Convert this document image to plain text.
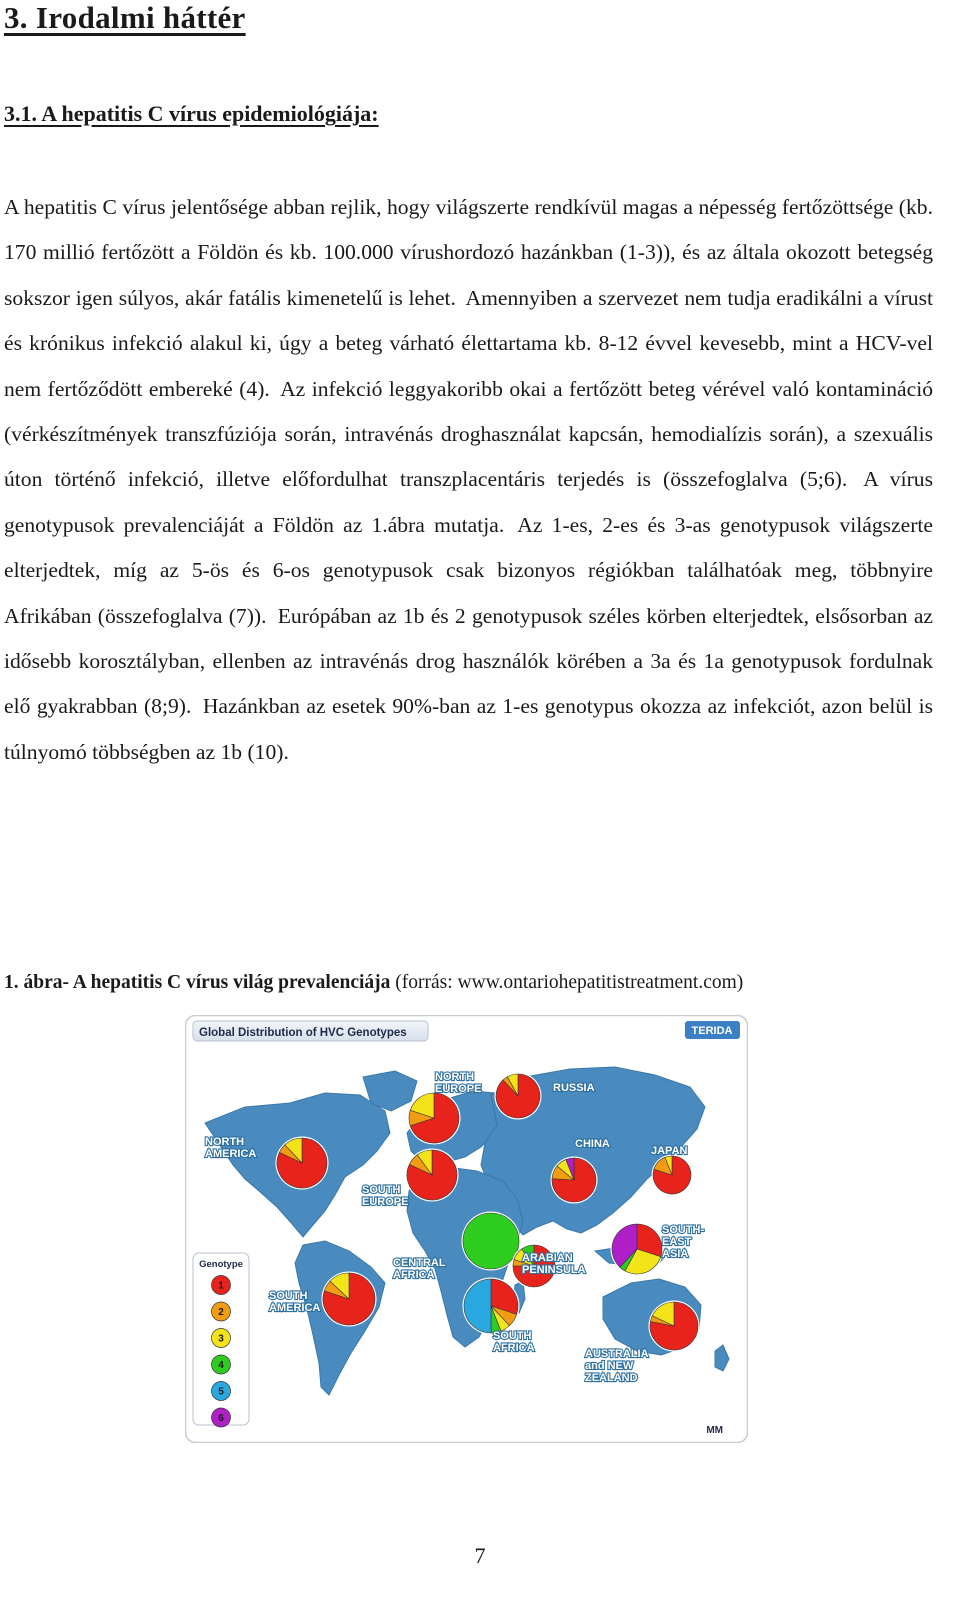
3. Irodalmi háttér
3.1. A hepatitis C vírus epidemiológiája:

A hepatitis C vírus jelentősége abban rejlik, hogy világszerte rendkívül magas a népesség fertőzöttsége (kb. 170 millió fertőzött a Földön és kb. 100.000 vírushordozó hazánkban (1-3)), és az általa okozott betegség sokszor igen súlyos, akár fatális kimenetelű is lehet. Amennyiben a szervezet nem tudja eradikálni a vírust és krónikus infekció alakul ki, úgy a beteg várható élettartama kb. 8-12 évvel kevesebb, mint a HCV-vel nem fertőződött embereké (4). Az infekció leggyakoribb okai a fertőzött beteg vérével való kontamináció (vérkészítmények transzfúziója során, intravénás droghasználat kapcsán, hemodialízis során), a szexuális úton történő infekció, illetve előfordulhat transzplacentáris terjedés is (összefoglalva (5;6). A vírus genotypusok prevalenciáját a Földön az 1.ábra mutatja. Az 1-es, 2-es és 3-as genotypusok világszerte elterjedtek, míg az 5-ös és 6-os genotypusok csak bizonyos régiókban találhatóak meg, többnyire Afrikában (összefoglalva (7)). Európában az 1b és 2 genotypusok széles körben elterjedtek, elsősorban az idősebb korosztályban, ellenben az intravénás drog használók körében a 3a és 1a genotypusok fordulnak elő gyakrabban (8;9). Hazánkban az esetek 90%-ban az 1-es genotypus okozza az infekciót, azon belül is túlnyomó többségben az 1b (10).

1. ábra- A hepatitis C vírus világ prevalenciája (forrás: www.ontariohepatitistreatment.com)

Global Distribution of HVC Genotypes	TERIDA
NORTH AMERICA
NORTH EUROPE	RUSSIA
SOUTH EUROPE
CHINA
JAPAN
CENTRAL AFRICA
ARABIAN PENINSULA
SOUTH-EAST ASIA
SOUTH AMERICA
SOUTH AFRICA	AUSTRALIA and NEW ZEALAND
Genotype
1
2
3
4
5
6
MM
7
